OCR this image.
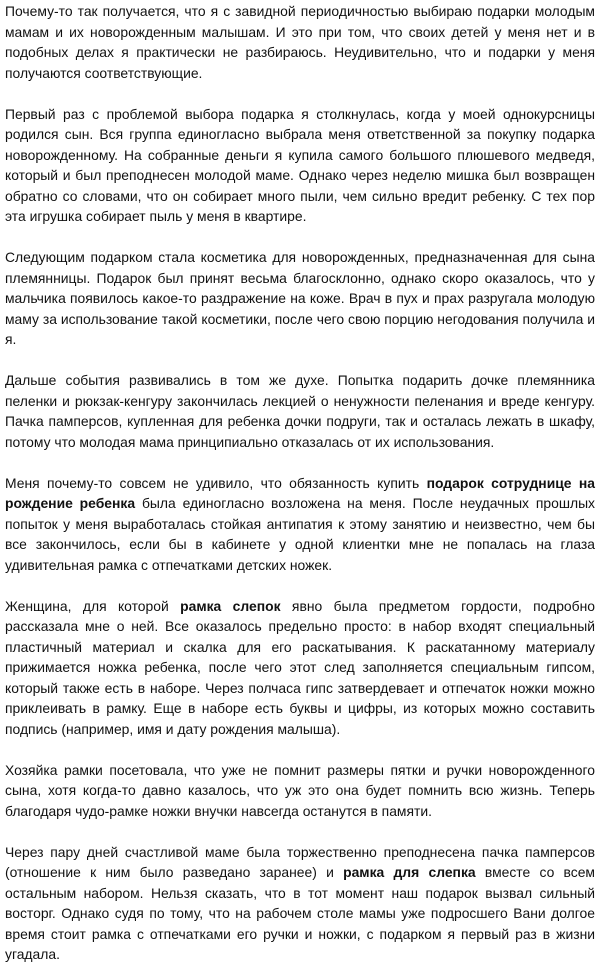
Почему-то так получается, что я с завидной периодичностью выбираю подарки молодым мамам и их новорожденным малышам. И это при том, что своих детей у меня нет и в подобных делах я практически не разбираюсь. Неудивительно, что и подарки у меня получаются соответствующие.

Первый раз с проблемой выбора подарка я столкнулась, когда у моей однокурсницы родился сын. Вся группа единогласно выбрала меня ответственной за покупку подарка новорожденному. На собранные деньги я купила самого большого плюшевого медведя, который и был преподнесен молодой маме. Однако через неделю мишка был возвращен обратно со словами, что он собирает много пыли, чем сильно вредит ребенку. С тех пор эта игрушка собирает пыль у меня в квартире.

Следующим подарком стала косметика для новорожденных, предназначенная для сына племянницы. Подарок был принят весьма благосклонно, однако скоро оказалось, что у мальчика появилось какое-то раздражение на коже. Врач в пух и прах разругала молодую маму за использование такой косметики, после чего свою порцию негодования получила и я.

Дальше события развивались в том же духе. Попытка подарить дочке племянника пеленки и рюкзак-кенгуру закончилась лекцией о ненужности пеленания и вреде кенгуру. Пачка памперсов, купленная для ребенка дочки подруги, так и осталась лежать в шкафу, потому что молодая мама принципиально отказалась от их использования.

Меня почему-то совсем не удивило, что обязанность купить подарок сотруднице на рождение ребенка была единогласно возложена на меня. После неудачных прошлых попыток у меня выработалась стойкая антипатия к этому занятию и неизвестно, чем бы все закончилось, если бы в кабинете у одной клиентки мне не попалась на глаза удивительная рамка с отпечатками детских ножек.

Женщина, для которой рамка слепок явно была предметом гордости, подробно рассказала мне о ней. Все оказалось предельно просто: в набор входят специальный пластичный материал и скалка для его раскатывания. К раскатанному материалу прижимается ножка ребенка, после чего этот след заполняется специальным гипсом, который также есть в наборе. Через полчаса гипс затвердевает и отпечаток ножки можно приклеивать в рамку. Еще в наборе есть буквы и цифры, из которых можно составить подпись (например, имя и дату рождения малыша).

Хозяйка рамки посетовала, что уже не помнит размеры пятки и ручки новорожденного сына, хотя когда-то давно казалось, что уж это она будет помнить всю жизнь. Теперь благодаря чудо-рамке ножки внучки навсегда останутся в памяти.

Через пару дней счастливой маме была торжественно преподнесена пачка памперсов (отношение к ним было разведано заранее) и рамка для слепка вместе со всем остальным набором. Нельзя сказать, что в тот момент наш подарок вызвал сильный восторг. Однако судя по тому, что на рабочем столе мамы уже подросшего Вани долгое время стоит рамка с отпечатками его ручки и ножки, с подарком я первый раз в жизни угадала.
